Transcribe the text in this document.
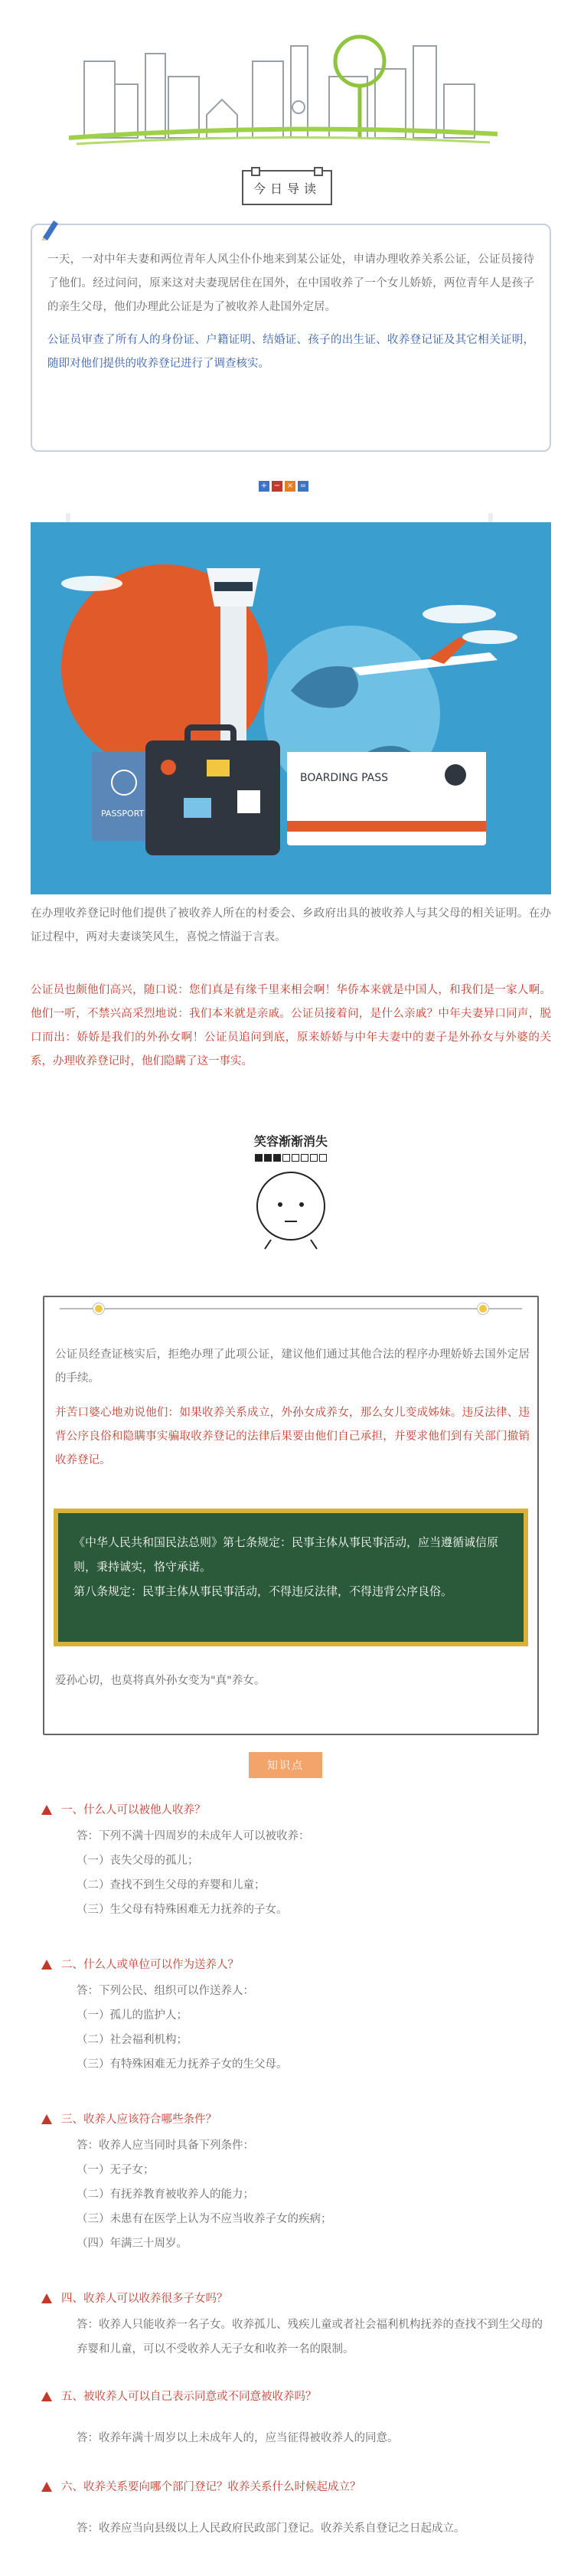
今日导读

一天，一对中年夫妻和两位青年人风尘仆仆地来到某公证处，申请办理收养关系公证，公证员接待了他们。经过问问，原来这对夫妻现居住在国外，在中国收养了一个女儿娇娇，两位青年人是孩子的亲生父母，他们办理此公证是为了被收养人赴国外定居。

公证员审查了所有人的身份证、户籍证明、结婚证、孩子的出生证、收养登记证及其它相关证明，随即对他们提供的收养登记进行了调查核实。

+ − × =
PASSPORT
BOARDING PASS

在办理收养登记时他们提供了被收养人所在的村委会、乡政府出具的被收养人与其父母的相关证明。在办证过程中，两对夫妻谈笑风生，喜悦之情溢于言表。

公证员也颇他们高兴，随口说：您们真是有缘千里来相会啊！华侨本来就是中国人，和我们是一家人啊。他们一听，不禁兴高采烈地说：我们本来就是亲戚。公证员接着问，是什么亲戚？中年夫妻异口同声，脱口而出：娇娇是我们的外孙女啊！公证员追问到底，原来娇娇与中年夫妻中的妻子是外孙女与外婆的关系，办理收养登记时，他们隐瞒了这一事实。

笑容渐渐消失

公证员经查证核实后，拒绝办理了此项公证，建议他们通过其他合法的程序办理娇娇去国外定居的手续。

并苦口婆心地劝说他们：如果收养关系成立，外孙女成养女，那么女儿变成姊妹。违反法律、违背公序良俗和隐瞒事实骗取收养登记的法律后果要由他们自己承担，并要求他们到有关部门撤销收养登记。

《中华人民共和国民法总则》第七条规定：民事主体从事民事活动，应当遵循诚信原则，秉持诚实，恪守承诺。

第八条规定：民事主体从事民事活动，不得违反法律，不得违背公序良俗。

爱孙心切，也莫将真外孙女变为"真"养女。

知识点
一、什么人可以被他人收养？
答：下列不满十四周岁的未成年人可以被收养：
（一）丧失父母的孤儿；
（二）查找不到生父母的弃婴和儿童；
（三）生父母有特殊困难无力抚养的子女。
二、什么人或单位可以作为送养人？
答：下列公民、组织可以作送养人：
（一）孤儿的监护人；
（二）社会福利机构；
（三）有特殊困难无力抚养子女的生父母。
三、收养人应该符合哪些条件？
答：收养人应当同时具备下列条件：
（一）无子女；
（二）有抚养教育被收养人的能力；
（三）未患有在医学上认为不应当收养子女的疾病；
（四）年满三十周岁。
四、收养人可以收养很多子女吗？
答：收养人只能收养一名子女。收养孤儿、残疾儿童或者社会福利机构抚养的查找不到生父母的弃婴和儿童，可以不受收养人无子女和收养一名的限制。
五、被收养人可以自己表示同意或不同意被收养吗？
答：收养年满十周岁以上未成年人的，应当征得被收养人的同意。
六、收养关系要向哪个部门登记？收养关系什么时候起成立？
答：收养应当向县级以上人民政府民政部门登记。收养关系自登记之日起成立。
